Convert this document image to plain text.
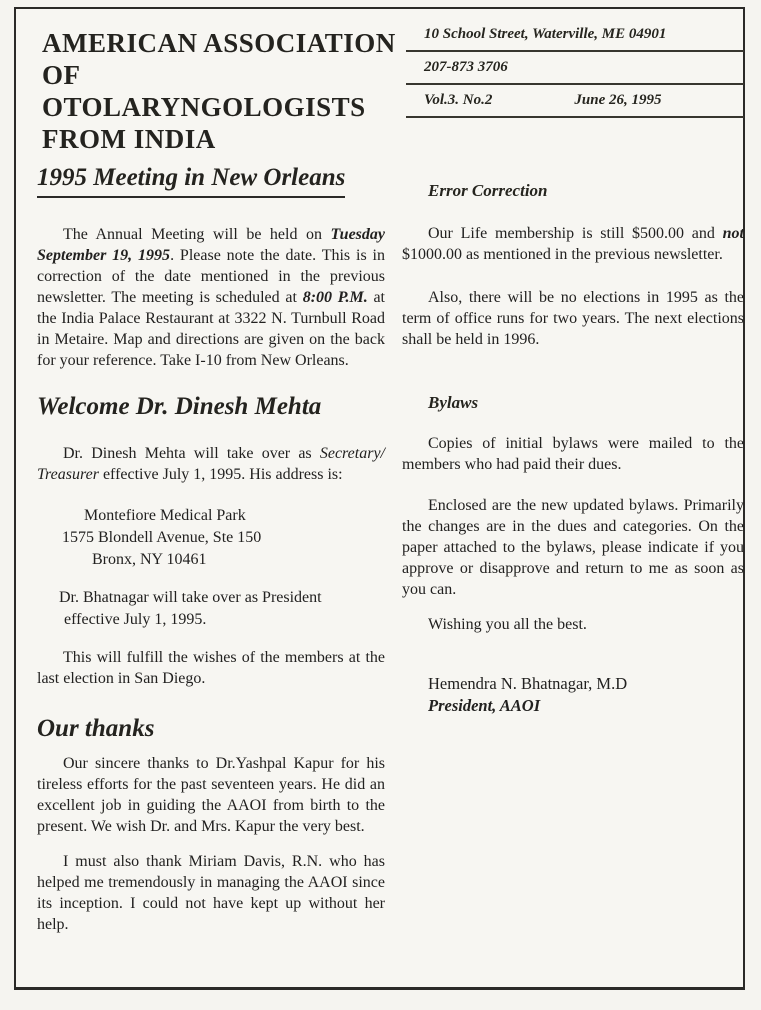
AMERICAN ASSOCIATION
OF OTOLARYNGOLOGISTS
FROM INDIA
10 School Street, Waterville, ME 04901
207-873 3706
Vol.3. No.2	June 26, 1995
1995 Meeting in New Orleans

The Annual Meeting will be held on Tuesday September 19, 1995. Please note the date. This is in correction of the date mentioned in the previous newsletter. The meeting is scheduled at 8:00 P.M. at the India Palace Restaurant at 3322 N. Turnbull Road in Metaire. Map and directions are given on the back for your reference. Take I-10 from New Orleans.

Welcome Dr. Dinesh Mehta

Dr. Dinesh Mehta will take over as Secretary/​Treasurer effective July 1, 1995. His address is:

Montefiore Medical Park
1575 Blondell Avenue, Ste 150
Bronx, NY 10461
Dr. Bhatnagar will take over as President
effective July 1, 1995.

This will fulfill the wishes of the members at the last election in San Diego.

Our thanks

Our sincere thanks to Dr.Yashpal Kapur for his tireless efforts for the past seventeen years. He did an excellent job in guiding the AAOI from birth to the present. We wish Dr. and Mrs. Kapur the very best.

I must also thank Miriam Davis, R.N. who has helped me tremendously in managing the AAOI since its inception. I could not have kept up without her help.

Error Correction

Our Life membership is still $500.00 and not $1000.00 as mentioned in the previous newsletter.

Also, there will be no elections in 1995 as the term of office runs for two years. The next elections shall be held in 1996.

Bylaws

Copies of initial bylaws were mailed to the members who had paid their dues.

Enclosed are the new updated bylaws. Primarily the changes are in the dues and categories. On the paper attached to the bylaws, please indicate if you approve or disapprove and return to me as soon as you can.

Wishing you all the best.

Hemendra N. Bhatnagar, M.D
President, AAOI
